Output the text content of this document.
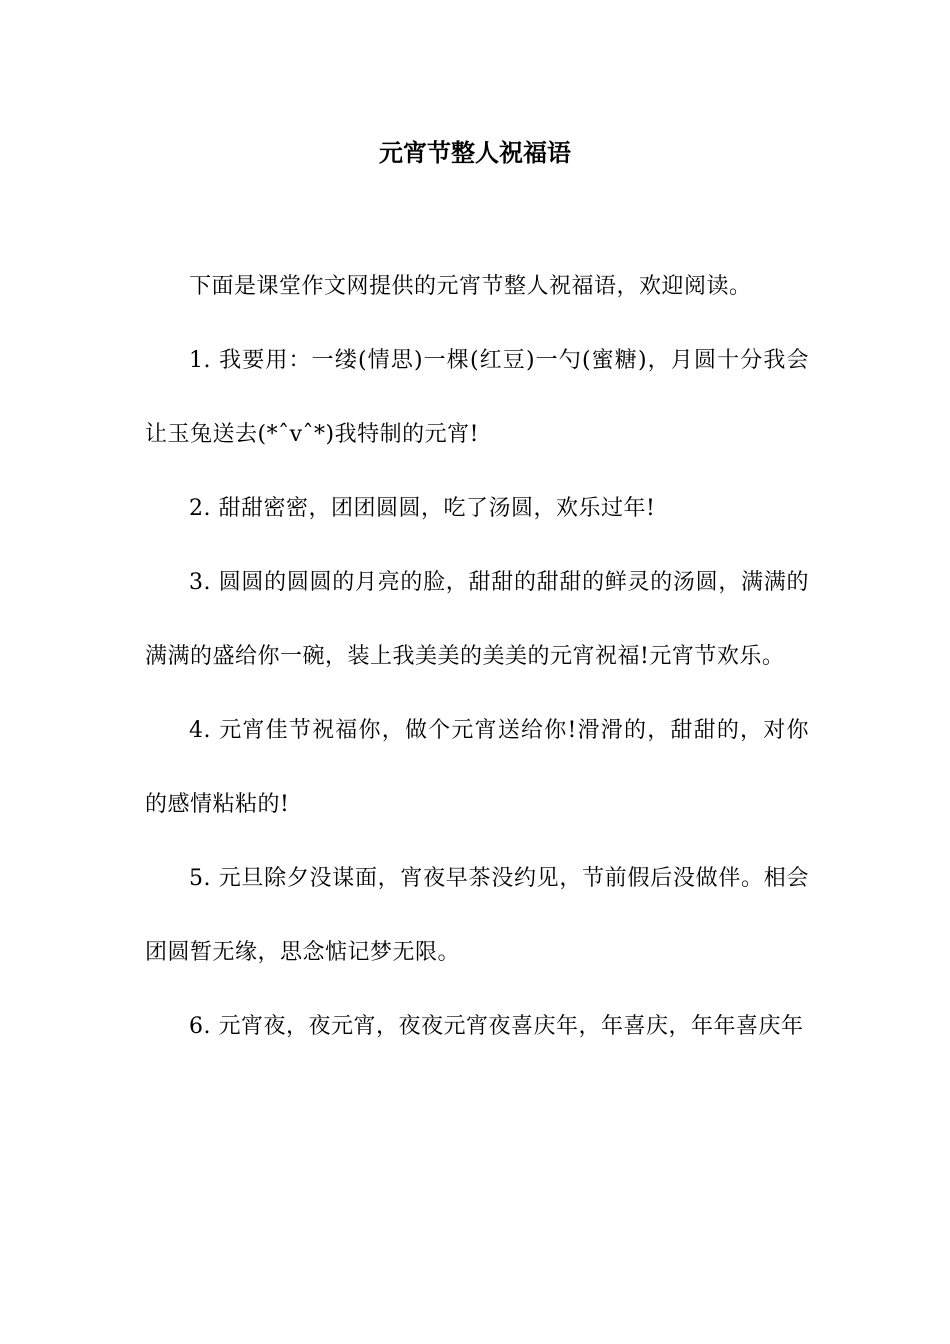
元宵节整人祝福语

下面是课堂作文网提供的元宵节整人祝福语，欢迎阅读。

1. 我要用：一缕(情思)一棵(红豆)一勺(蜜糖)，月圆十分我会让玉兔送去(*ˆvˆ*)我特制的元宵!

2. 甜甜密密，团团圆圆，吃了汤圆，欢乐过年!

3. 圆圆的圆圆的月亮的脸，甜甜的甜甜的鲜灵的汤圆，满满的满满的盛给你一碗，装上我美美的美美的元宵祝福!元宵节欢乐。

4. 元宵佳节祝福你，做个元宵送给你!滑滑的，甜甜的，对你的感情粘粘的!

5. 元旦除夕没谋面，宵夜早茶没约见，节前假后没做伴。相会团圆暂无缘，思念惦记梦无限。

6. 元宵夜，夜元宵，夜夜元宵夜喜庆年，年喜庆，年年喜庆年
